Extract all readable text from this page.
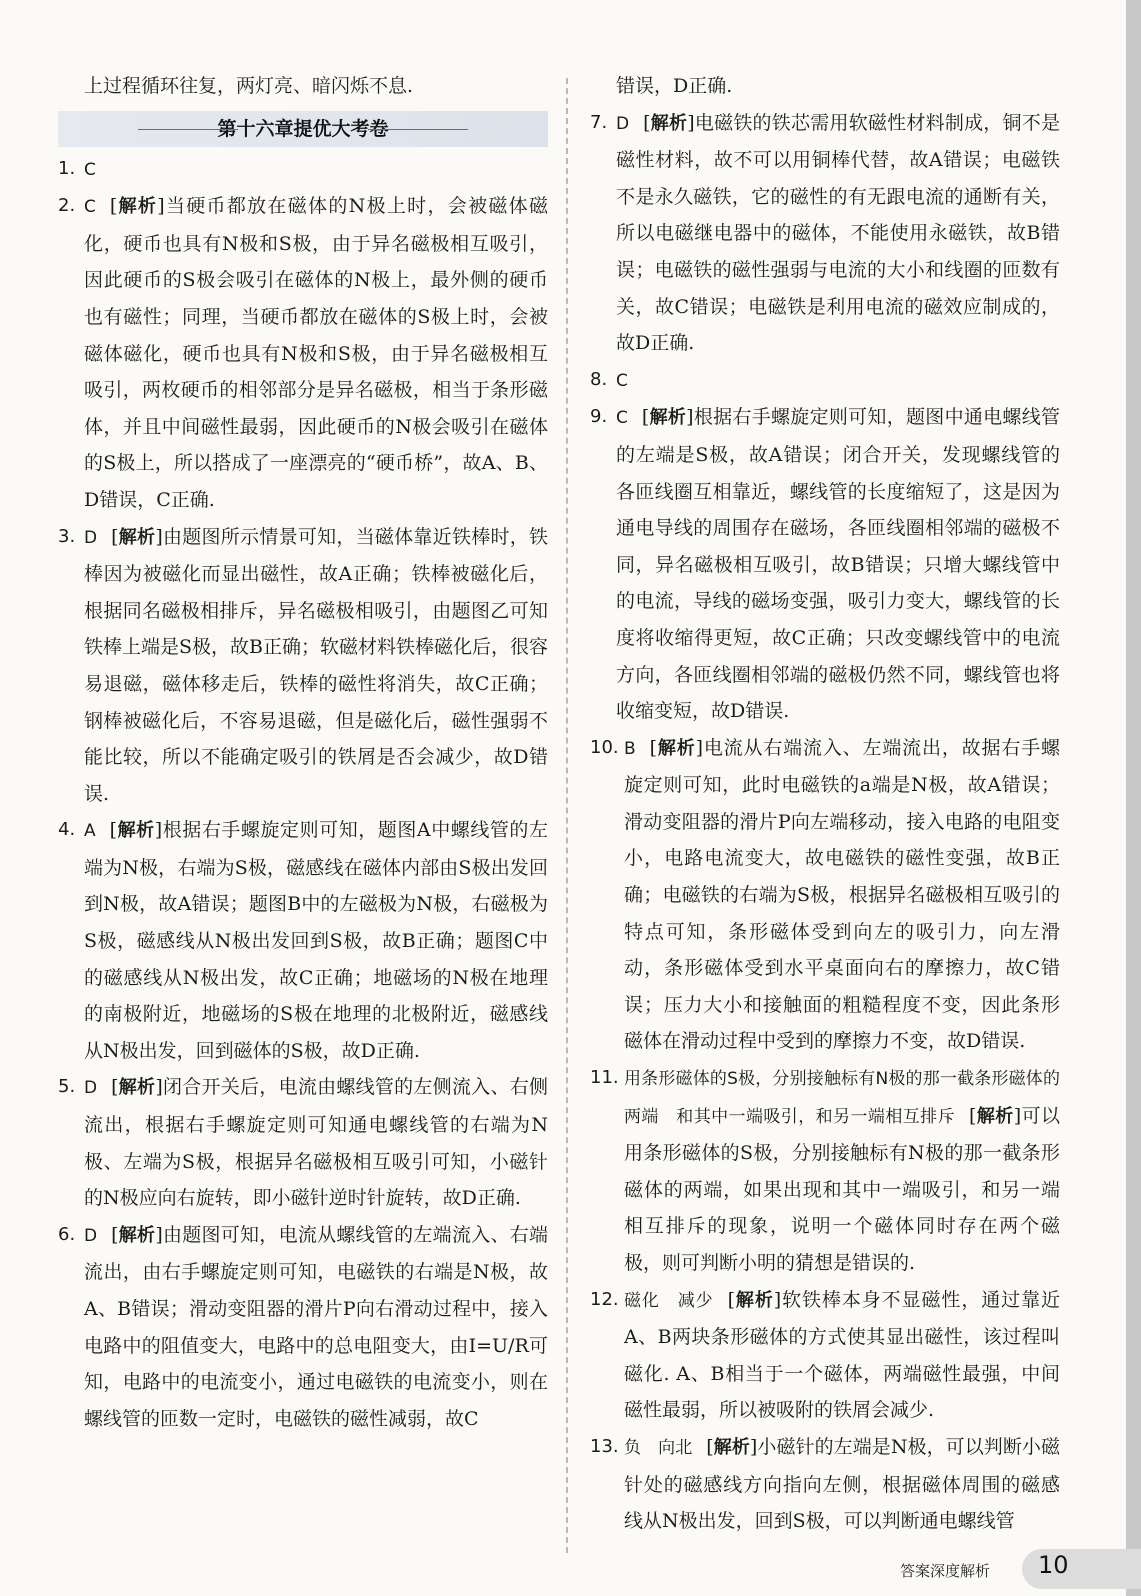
上过程循环往复，两灯亮、暗闪烁不息.
第十六章提优大考卷
1. C
2. C [解析]当硬币都放在磁体的N极上时，会被磁体磁化，硬币也具有N极和S极，由于异名磁极相互吸引，因此硬币的S极会吸引在磁体的N极上，最外侧的硬币也有磁性；同理，当硬币都放在磁体的S极上时，会被磁体磁化，硬币也具有N极和S极，由于异名磁极相互吸引，两枚硬币的相邻部分是异名磁极，相当于条形磁体，并且中间磁性最弱，因此硬币的N极会吸引在磁体的S极上，所以搭成了一座漂亮的“硬币桥”，故A、B、D错误，C正确.
3. D [解析]由题图所示情景可知，当磁体靠近铁棒时，铁棒因为被磁化而显出磁性，故A正确；铁棒被磁化后，根据同名磁极相排斥，异名磁极相吸引，由题图乙可知铁棒上端是S极，故B正确；软磁材料铁棒磁化后，很容易退磁，磁体移走后，铁棒的磁性将消失，故C正确；钢棒被磁化后，不容易退磁，但是磁化后，磁性强弱不能比较，所以不能确定吸引的铁屑是否会减少，故D错误.
4. A [解析]根据右手螺旋定则可知，题图A中螺线管的左端为N极，右端为S极，磁感线在磁体内部由S极出发回到N极，故A错误；题图B中的左磁极为N极，右磁极为S极，磁感线从N极出发回到S极，故B正确；题图C中的磁感线从N极出发，故C正确；地磁场的N极在地理的南极附近，地磁场的S极在地理的北极附近，磁感线从N极出发，回到磁体的S极，故D正确.
5. D [解析]闭合开关后，电流由螺线管的左侧流入、右侧流出，根据右手螺旋定则可知通电螺线管的右端为N极、左端为S极，根据异名磁极相互吸引可知，小磁针的N极应向右旋转，即小磁针逆时针旋转，故D正确.
6. D [解析]由题图可知，电流从螺线管的左端流入、右端流出，由右手螺旋定则可知，电磁铁的右端是N极，故A、B错误；滑动变阻器的滑片P向右滑动过程中，接入电路中的阻值变大，电路中的总电阻变大，由I=U/R可知，电路中的电流变小，通过电磁铁的电流变小，则在螺线管的匝数一定时，电磁铁的磁性减弱，故C
错误，D正确.
7. D [解析]电磁铁的铁芯需用软磁性材料制成，铜不是磁性材料，故不可以用铜棒代替，故A错误；电磁铁不是永久磁铁，它的磁性的有无跟电流的通断有关，所以电磁继电器中的磁体，不能使用永磁铁，故B错误；电磁铁的磁性强弱与电流的大小和线圈的匝数有关，故C错误；电磁铁是利用电流的磁效应制成的，故D正确.
8. C
9. C [解析]根据右手螺旋定则可知，题图中通电螺线管的左端是S极，故A错误；闭合开关，发现螺线管的各匝线圈互相靠近，螺线管的长度缩短了，这是因为通电导线的周围存在磁场，各匝线圈相邻端的磁极不同，异名磁极相互吸引，故B错误；只增大螺线管中的电流，导线的磁场变强，吸引力变大，螺线管的长度将收缩得更短，故C正确；只改变螺线管中的电流方向，各匝线圈相邻端的磁极仍然不同，螺线管也将收缩变短，故D错误.
10. B [解析]电流从右端流入、左端流出，故据右手螺旋定则可知，此时电磁铁的a端是N极，故A错误；滑动变阻器的滑片P向左端移动，接入电路的电阻变小，电路电流变大，故电磁铁的磁性变强，故B正确；电磁铁的右端为S极，根据异名磁极相互吸引的特点可知，条形磁体受到向左的吸引力，向左滑动，条形磁体受到水平桌面向右的摩擦力，故C错误；压力大小和接触面的粗糙程度不变，因此条形磁体在滑动过程中受到的摩擦力不变，故D错误.
11. 用条形磁体的S极，分别接触标有N极的那一截条形磁体的两端　和其中一端吸引，和另一端相互排斥 [解析]可以用条形磁体的S极，分别接触标有N极的那一截条形磁体的两端，如果出现和其中一端吸引，和另一端相互排斥的现象，说明一个磁体同时存在两个磁极，则可判断小明的猜想是错误的.
12. 磁化　减少 [解析]软铁棒本身不显磁性，通过靠近A、B两块条形磁体的方式使其显出磁性，该过程叫磁化. A、B相当于一个磁体，两端磁性最强，中间磁性最弱，所以被吸附的铁屑会减少.
13. 负　向北 [解析]小磁针的左端是N极，可以判断小磁针处的磁感线方向指向左侧，根据磁体周围的磁感线从N极出发，回到S极，可以判断通电螺线管
答案深度解析 10
